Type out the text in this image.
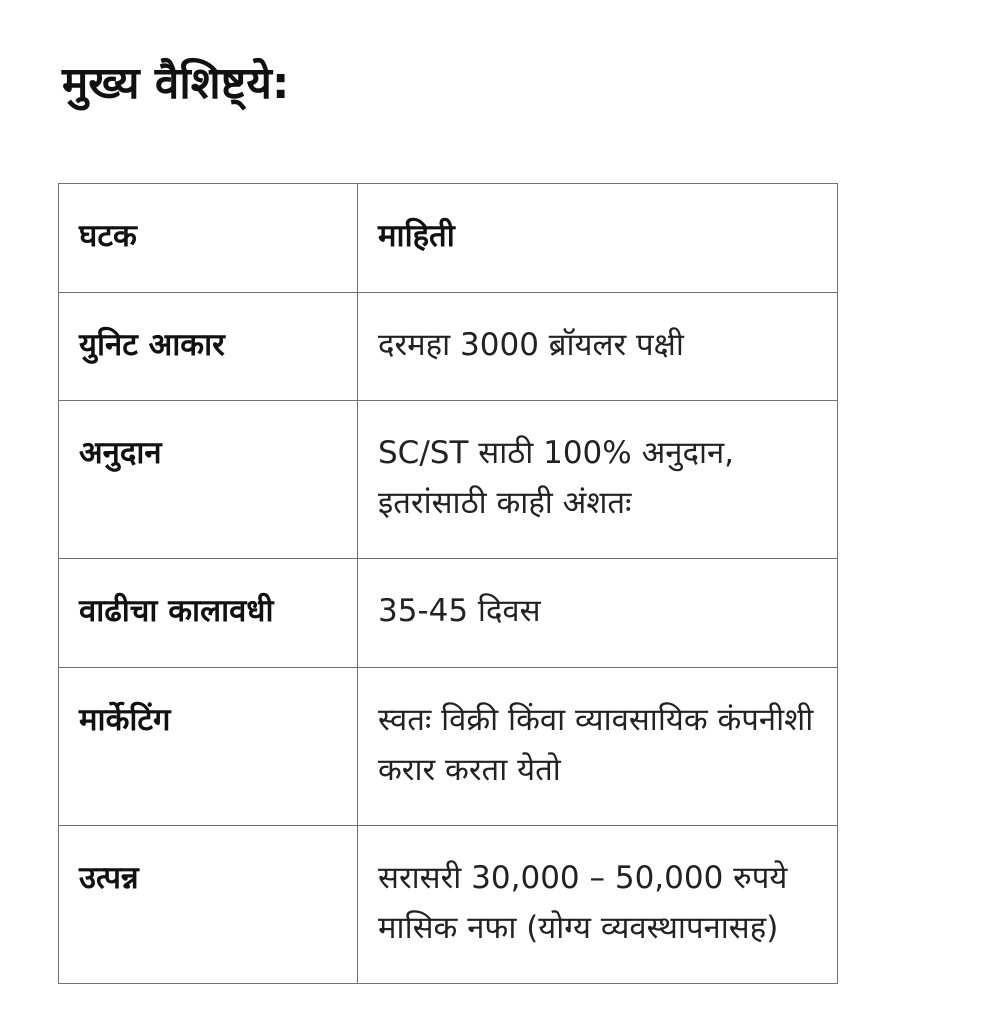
मुख्य वैशिष्ट्ये:
घटक	माहिती
युनिट आकार	दरमहा 3000 ब्रॉयलर पक्षी
अनुदान	SC/ST साठी 100% अनुदान, इतरांसाठी काही अंशतः
वाढीचा कालावधी	35-45 दिवस
मार्केटिंग	स्वतः विक्री किंवा व्यावसायिक कंपनीशी करार करता येतो
उत्पन्न	सरासरी 30,000 – 50,000 रुपये मासिक नफा (योग्य व्यवस्थापनासह)
